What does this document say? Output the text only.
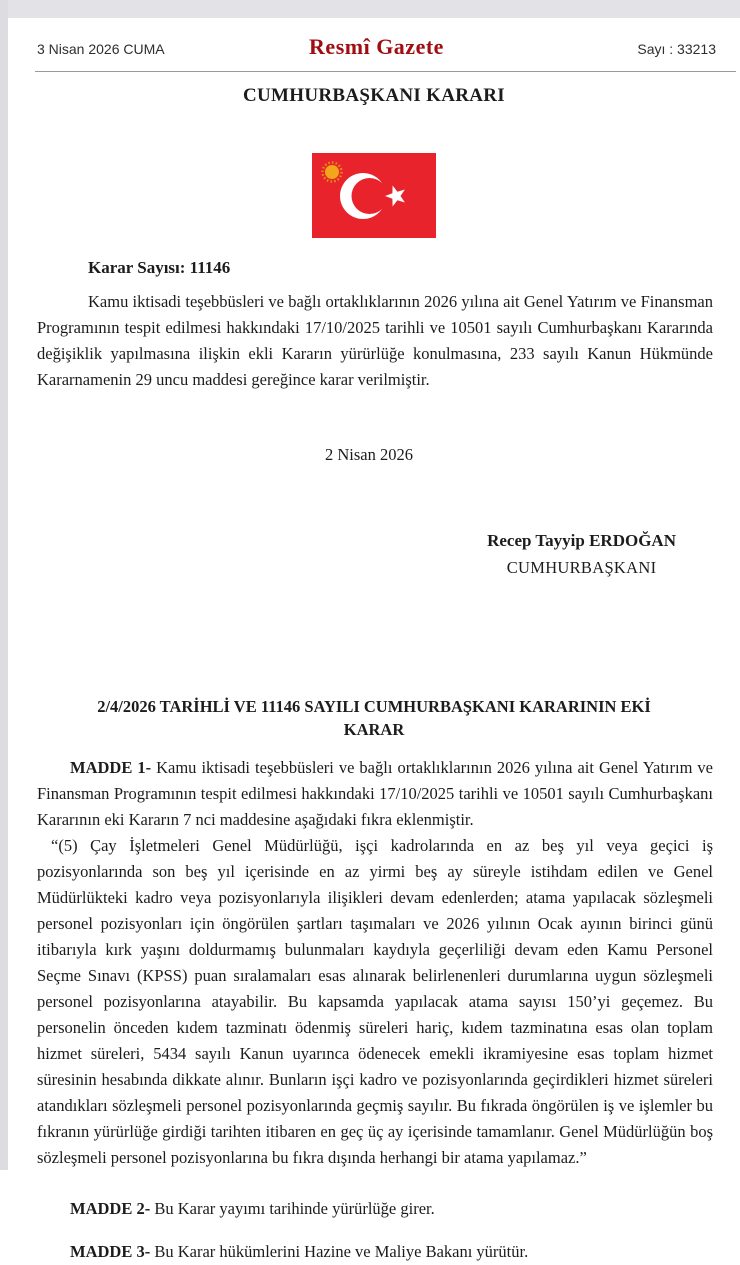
3 Nisan 2026 CUMA	Resmî Gazete	Sayı : 33213
CUMHURBAŞKANI KARARI
Karar Sayısı: 11146

Kamu iktisadi teşebbüsleri ve bağlı ortaklıklarının 2026 yılına ait Genel Yatırım ve Finansman Programının tespit edilmesi hakkındaki 17/10/2025 tarihli ve 10501 sayılı Cumhurbaşkanı Kararında değişiklik yapılmasına ilişkin ekli Kararın yürürlüğe konulmasına, 233 sayılı Kanun Hükmünde Kararnamenin 29 uncu maddesi gereğince karar verilmiştir.

2 Nisan 2026
Recep Tayyip ERDOĞAN
CUMHURBAŞKANI
2/4/2026 TARİHLİ VE 11146 SAYILI CUMHURBAŞKANI KARARININ EKİ
KARAR

MADDE 1- Kamu iktisadi teşebbüsleri ve bağlı ortaklıklarının 2026 yılına ait Genel Yatırım ve Finansman Programının tespit edilmesi hakkındaki 17/10/2025 tarihli ve 10501 sayılı Cumhurbaşkanı Kararının eki Kararın 7 nci maddesine aşağıdaki fıkra eklenmiştir.

“(5) Çay İşletmeleri Genel Müdürlüğü, işçi kadrolarında en az beş yıl veya geçici iş pozisyonlarında son beş yıl içerisinde en az yirmi beş ay süreyle istihdam edilen ve Genel Müdürlükteki kadro veya pozisyonlarıyla ilişikleri devam edenlerden; atama yapılacak sözleşmeli personel pozisyonları için öngörülen şartları taşımaları ve 2026 yılının Ocak ayının birinci günü itibarıyla kırk yaşını doldurmamış bulunmaları kaydıyla geçerliliği devam eden Kamu Personel Seçme Sınavı (KPSS) puan sıralamaları esas alınarak belirlenenleri durumlarına uygun sözleşmeli personel pozisyonlarına atayabilir. Bu kapsamda yapılacak atama sayısı 150’yi geçemez. Bu personelin önceden kıdem tazminatı ödenmiş süreleri hariç, kıdem tazminatına esas olan toplam hizmet süreleri, 5434 sayılı Kanun uyarınca ödenecek emekli ikramiyesine esas toplam hizmet süresinin hesabında dikkate alınır. Bunların işçi kadro ve pozisyonlarında geçirdikleri hizmet süreleri atandıkları sözleşmeli personel pozisyonlarında geçmiş sayılır. Bu fıkrada öngörülen iş ve işlemler bu fıkranın yürürlüğe girdiği tarihten itibaren en geç üç ay içerisinde tamamlanır. Genel Müdürlüğün boş sözleşmeli personel pozisyonlarına bu fıkra dışında herhangi bir atama yapılamaz.”

MADDE 2- Bu Karar yayımı tarihinde yürürlüğe girer.

MADDE 3- Bu Karar hükümlerini Hazine ve Maliye Bakanı yürütür.
